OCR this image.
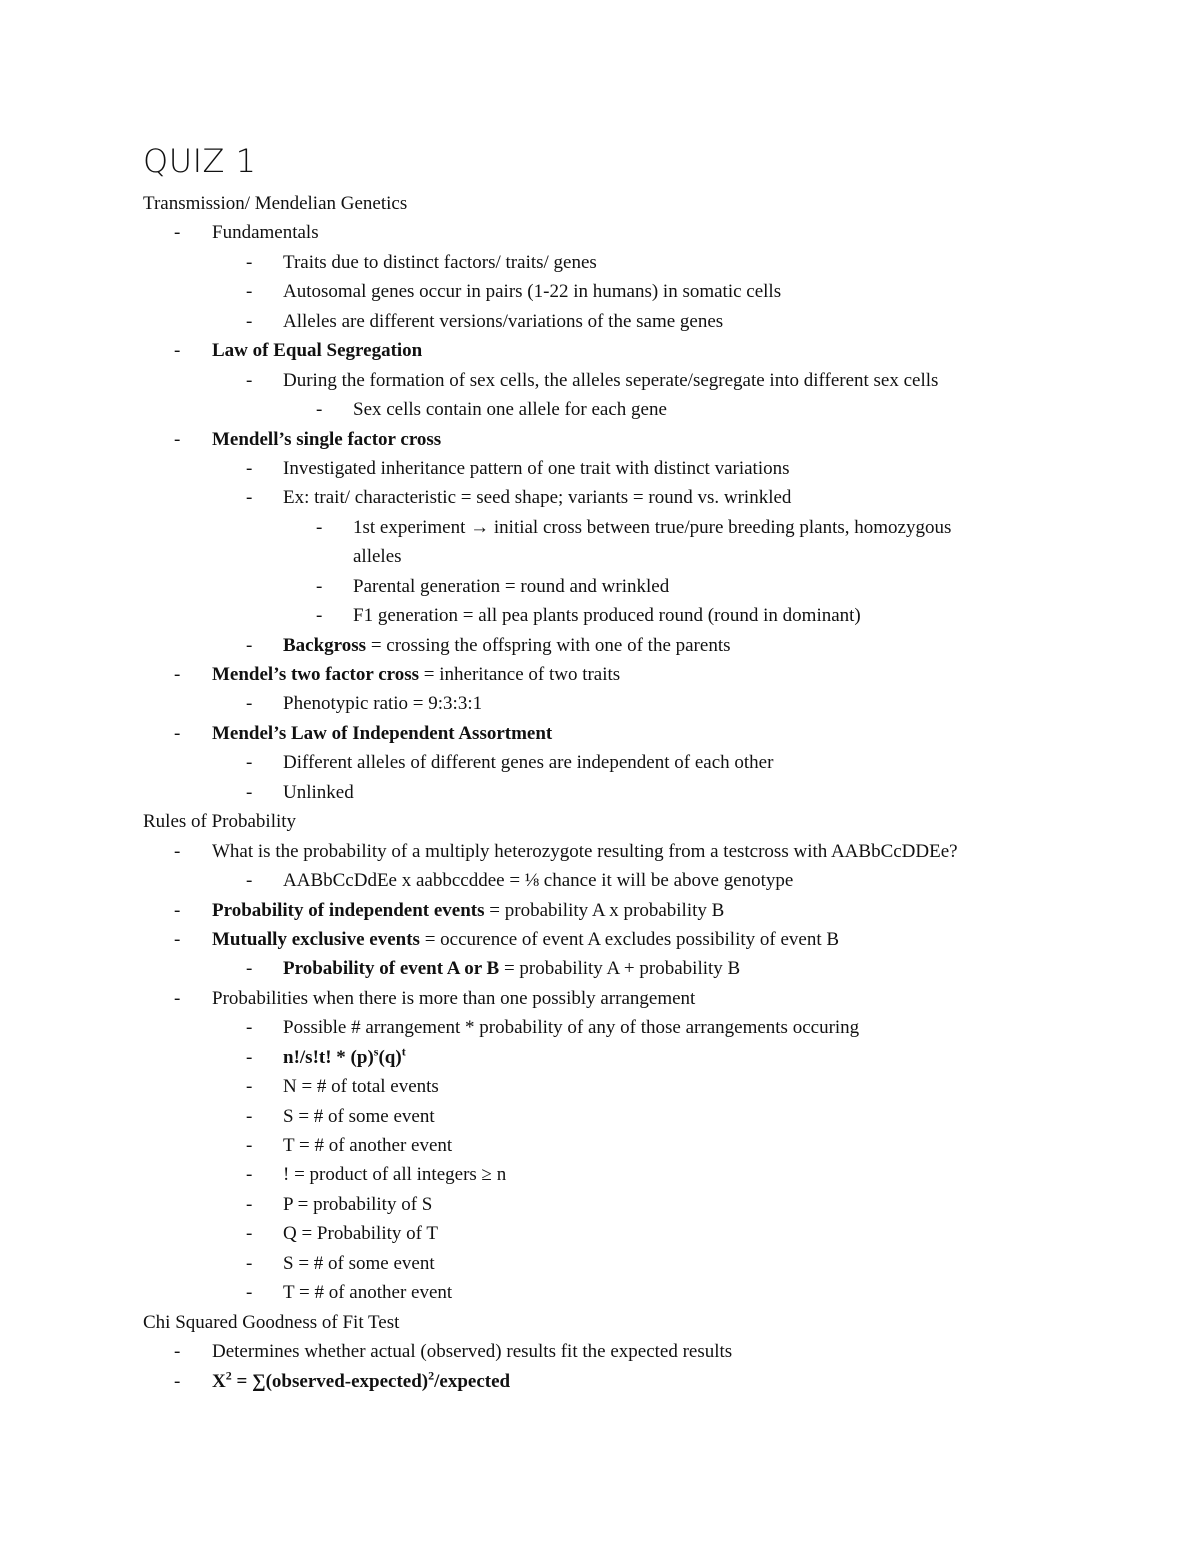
QUIZ 1
Transmission/ Mendelian Genetics
- Fundamentals
- Traits due to distinct factors/ traits/ genes
- Autosomal genes occur in pairs (1-22 in humans) in somatic cells
- Alleles are different versions/variations of the same genes
- Law of Equal Segregation
- During the formation of sex cells, the alleles seperate/segregate into different sex cells
- Sex cells contain one allele for each gene
- Mendell’s single factor cross
- Investigated inheritance pattern of one trait with distinct variations
- Ex: trait/ characteristic = seed shape; variants = round vs. wrinkled
- 1st experiment → initial cross between true/pure breeding plants, homozygous
alleles
- Parental generation = round and wrinkled
- F1 generation = all pea plants produced round (round in dominant)
- Backgross = crossing the offspring with one of the parents
- Mendel’s two factor cross = inheritance of two traits
- Phenotypic ratio = 9:3:3:1
- Mendel’s Law of Independent Assortment
- Different alleles of different genes are independent of each other
- Unlinked
Rules of Probability
- What is the probability of a multiply heterozygote resulting from a testcross with AABbCcDDEe?
- AABbCcDdEe x aabbccddee = ⅛ chance it will be above genotype
- Probability of independent events = probability A x probability B
- Mutually exclusive events = occurence of event A excludes possibility of event B
- Probability of event A or B = probability A + probability B
- Probabilities when there is more than one possibly arrangement
- Possible # arrangement * probability of any of those arrangements occuring
- n!/s!t! * $(p)^s(q)^t$
- N = # of total events
- S = # of some event
- T = # of another event
- ! = product of all integers ≥ n
- P = probability of S
- Q = Probability of T
- S = # of some event
- T = # of another event
Chi Squared Goodness of Fit Test
- Determines whether actual (observed) results fit the expected results
- $X^2$ = ∑(observed-expected)$^2$/expected
